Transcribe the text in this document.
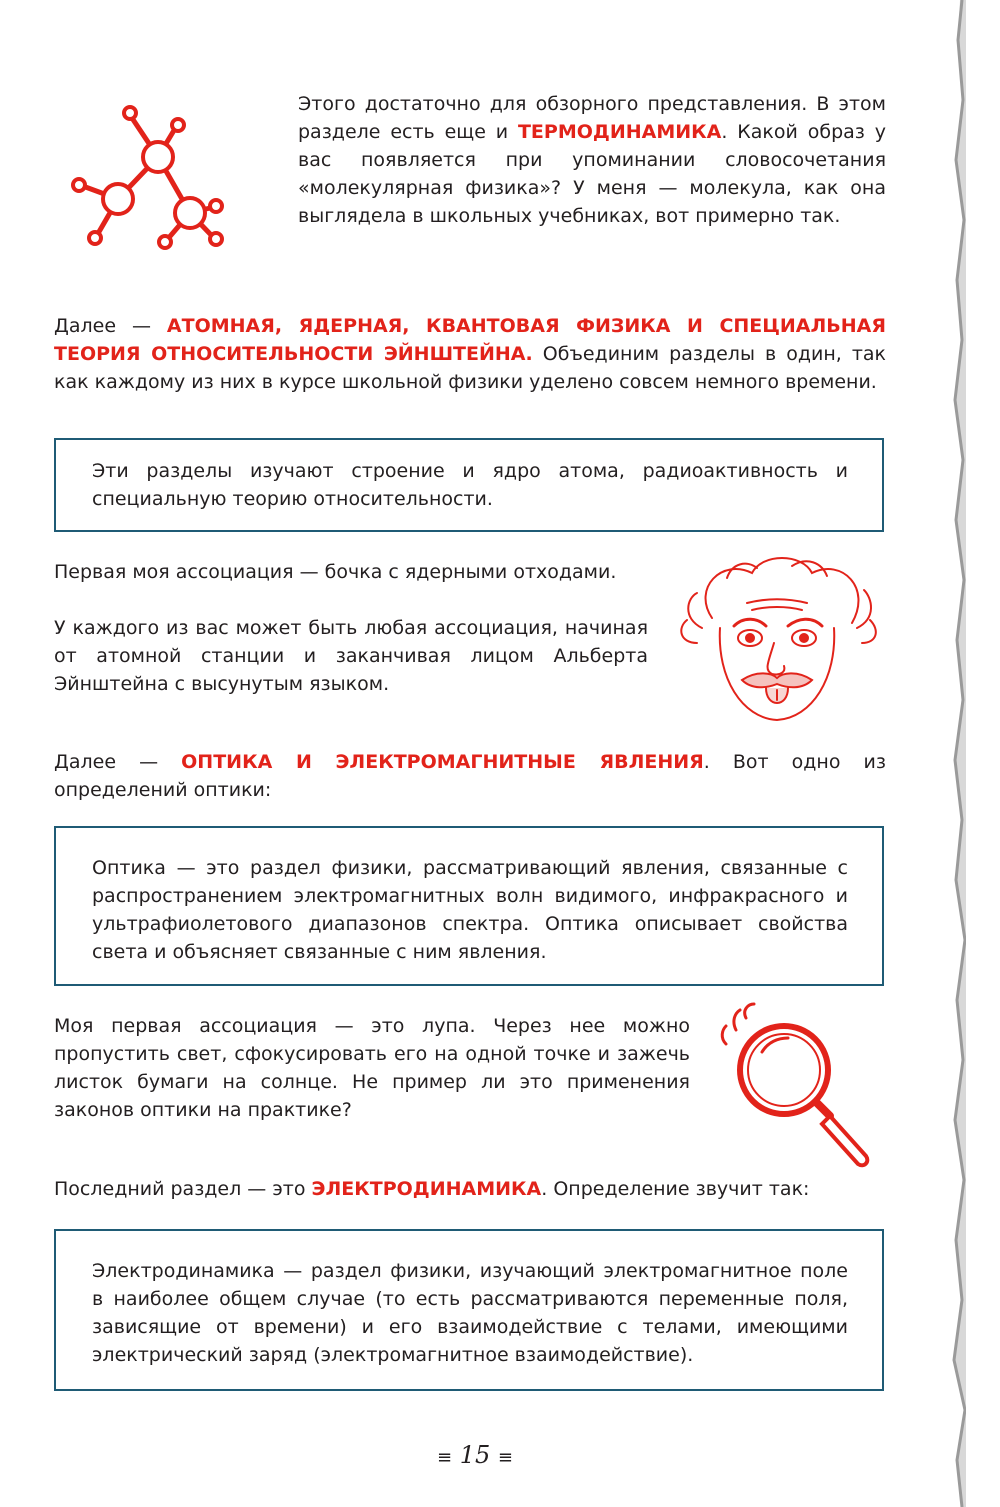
Этого достаточно для обзорного представления. В этом разделе есть еще и ТЕРМОДИНАМИКА. Какой образ у вас появляется при упоминании словосочетания «молекулярная физика»? У меня — молекула, как она выглядела в школьных учебниках, вот примерно так.

Далее — АТОМНАЯ, ЯДЕРНАЯ, КВАНТОВАЯ ФИЗИКА И СПЕЦИАЛЬНАЯ ТЕОРИЯ ОТНОСИТЕЛЬНОСТИ ЭЙНШТЕЙНА. Объединим разделы в один, так как каждому из них в курсе школьной физики уделено совсем немного времени.

Эти разделы изучают строение и ядро атома, радиоактивность и специальную теорию относительности.

Первая моя ассоциация — бочка с ядерными отходами.

У каждого из вас может быть любая ассоциация, начиная от атомной станции и заканчивая лицом Альберта Эйнштейна с высунутым языком.

Далее — ОПТИКА И ЭЛЕКТРОМАГНИТНЫЕ ЯВЛЕНИЯ. Вот одно из определений оптики:

Оптика — это раздел физики, рассматривающий явления, связанные с распространением электромагнитных волн видимого, инфракрасного и ультрафиолетового диапазонов спектра. Оптика описывает свойства света и объясняет связанные с ним явления.

Моя первая ассоциация — это лупа. Через нее можно пропустить свет, сфокусировать его на одной точке и зажечь листок бумаги на солнце. Не пример ли это применения законов оптики на практике?

Последний раздел — это ЭЛЕКТРОДИНАМИКА. Определение звучит так:

Электродинамика — раздел физики, изучающий электромагнитное поле в наиболее общем случае (то есть рассматриваются переменные поля, зависящие от времени) и его взаимодействие с телами, имеющими электрический заряд (электромагнитное взаимодействие).

≡ 15 ≡
